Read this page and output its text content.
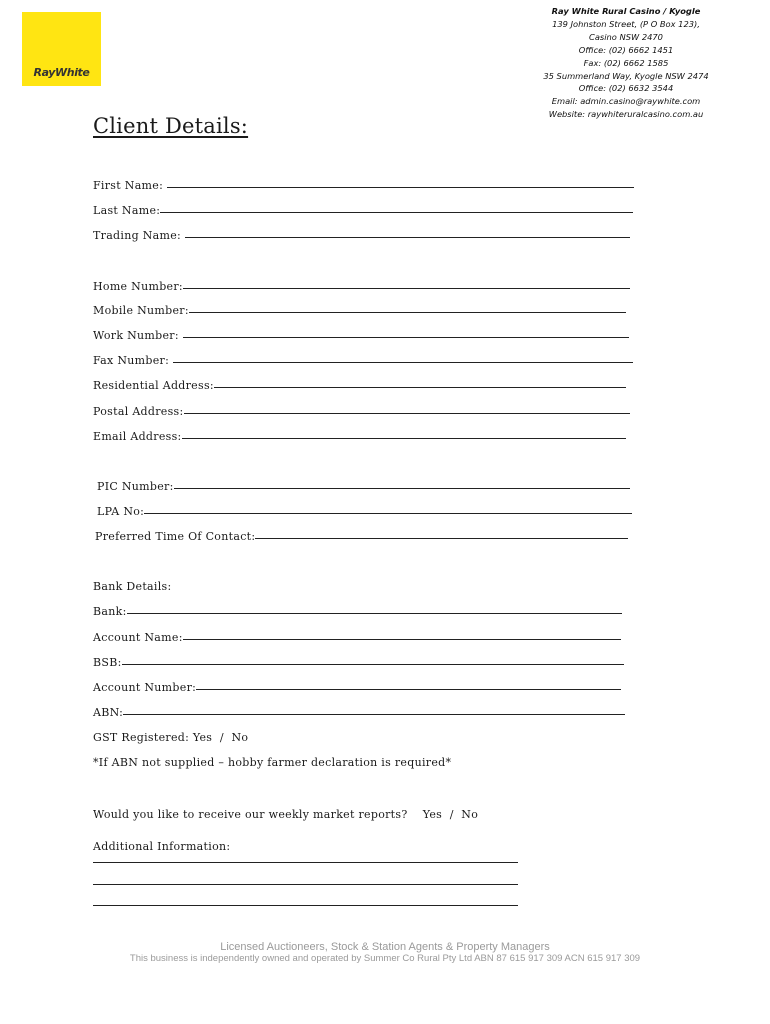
RayWhite
Ray White Rural Casino / Kyogle
139 Johnston Street, (P O Box 123),
Casino NSW 2470
Office: (02) 6662 1451
Fax: (02) 6662 1585
35 Summerland Way, Kyogle NSW 2474
Office: (02) 6632 3544
Email: admin.casino@raywhite.com
Website: raywhiteruralcasino.com.au
Client Details:
First Name:
Last Name:
Trading Name:
Home Number:
Mobile Number:
Work Number:
Fax Number:
Residential Address:
Postal Address:
Email Address:
PIC Number:
LPA No:
Preferred Time Of Contact:
Bank Details:
Bank:
Account Name:
BSB:
Account Number:
ABN:
GST Registered: Yes  /  No
*If ABN not supplied – hobby farmer declaration is required*
Would you like to receive our weekly market reports?    Yes  /  No
Additional Information:
Licensed Auctioneers, Stock & Station Agents & Property Managers
This business is independently owned and operated by Summer Co Rural Pty Ltd ABN 87 615 917 309 ACN 615 917 309
